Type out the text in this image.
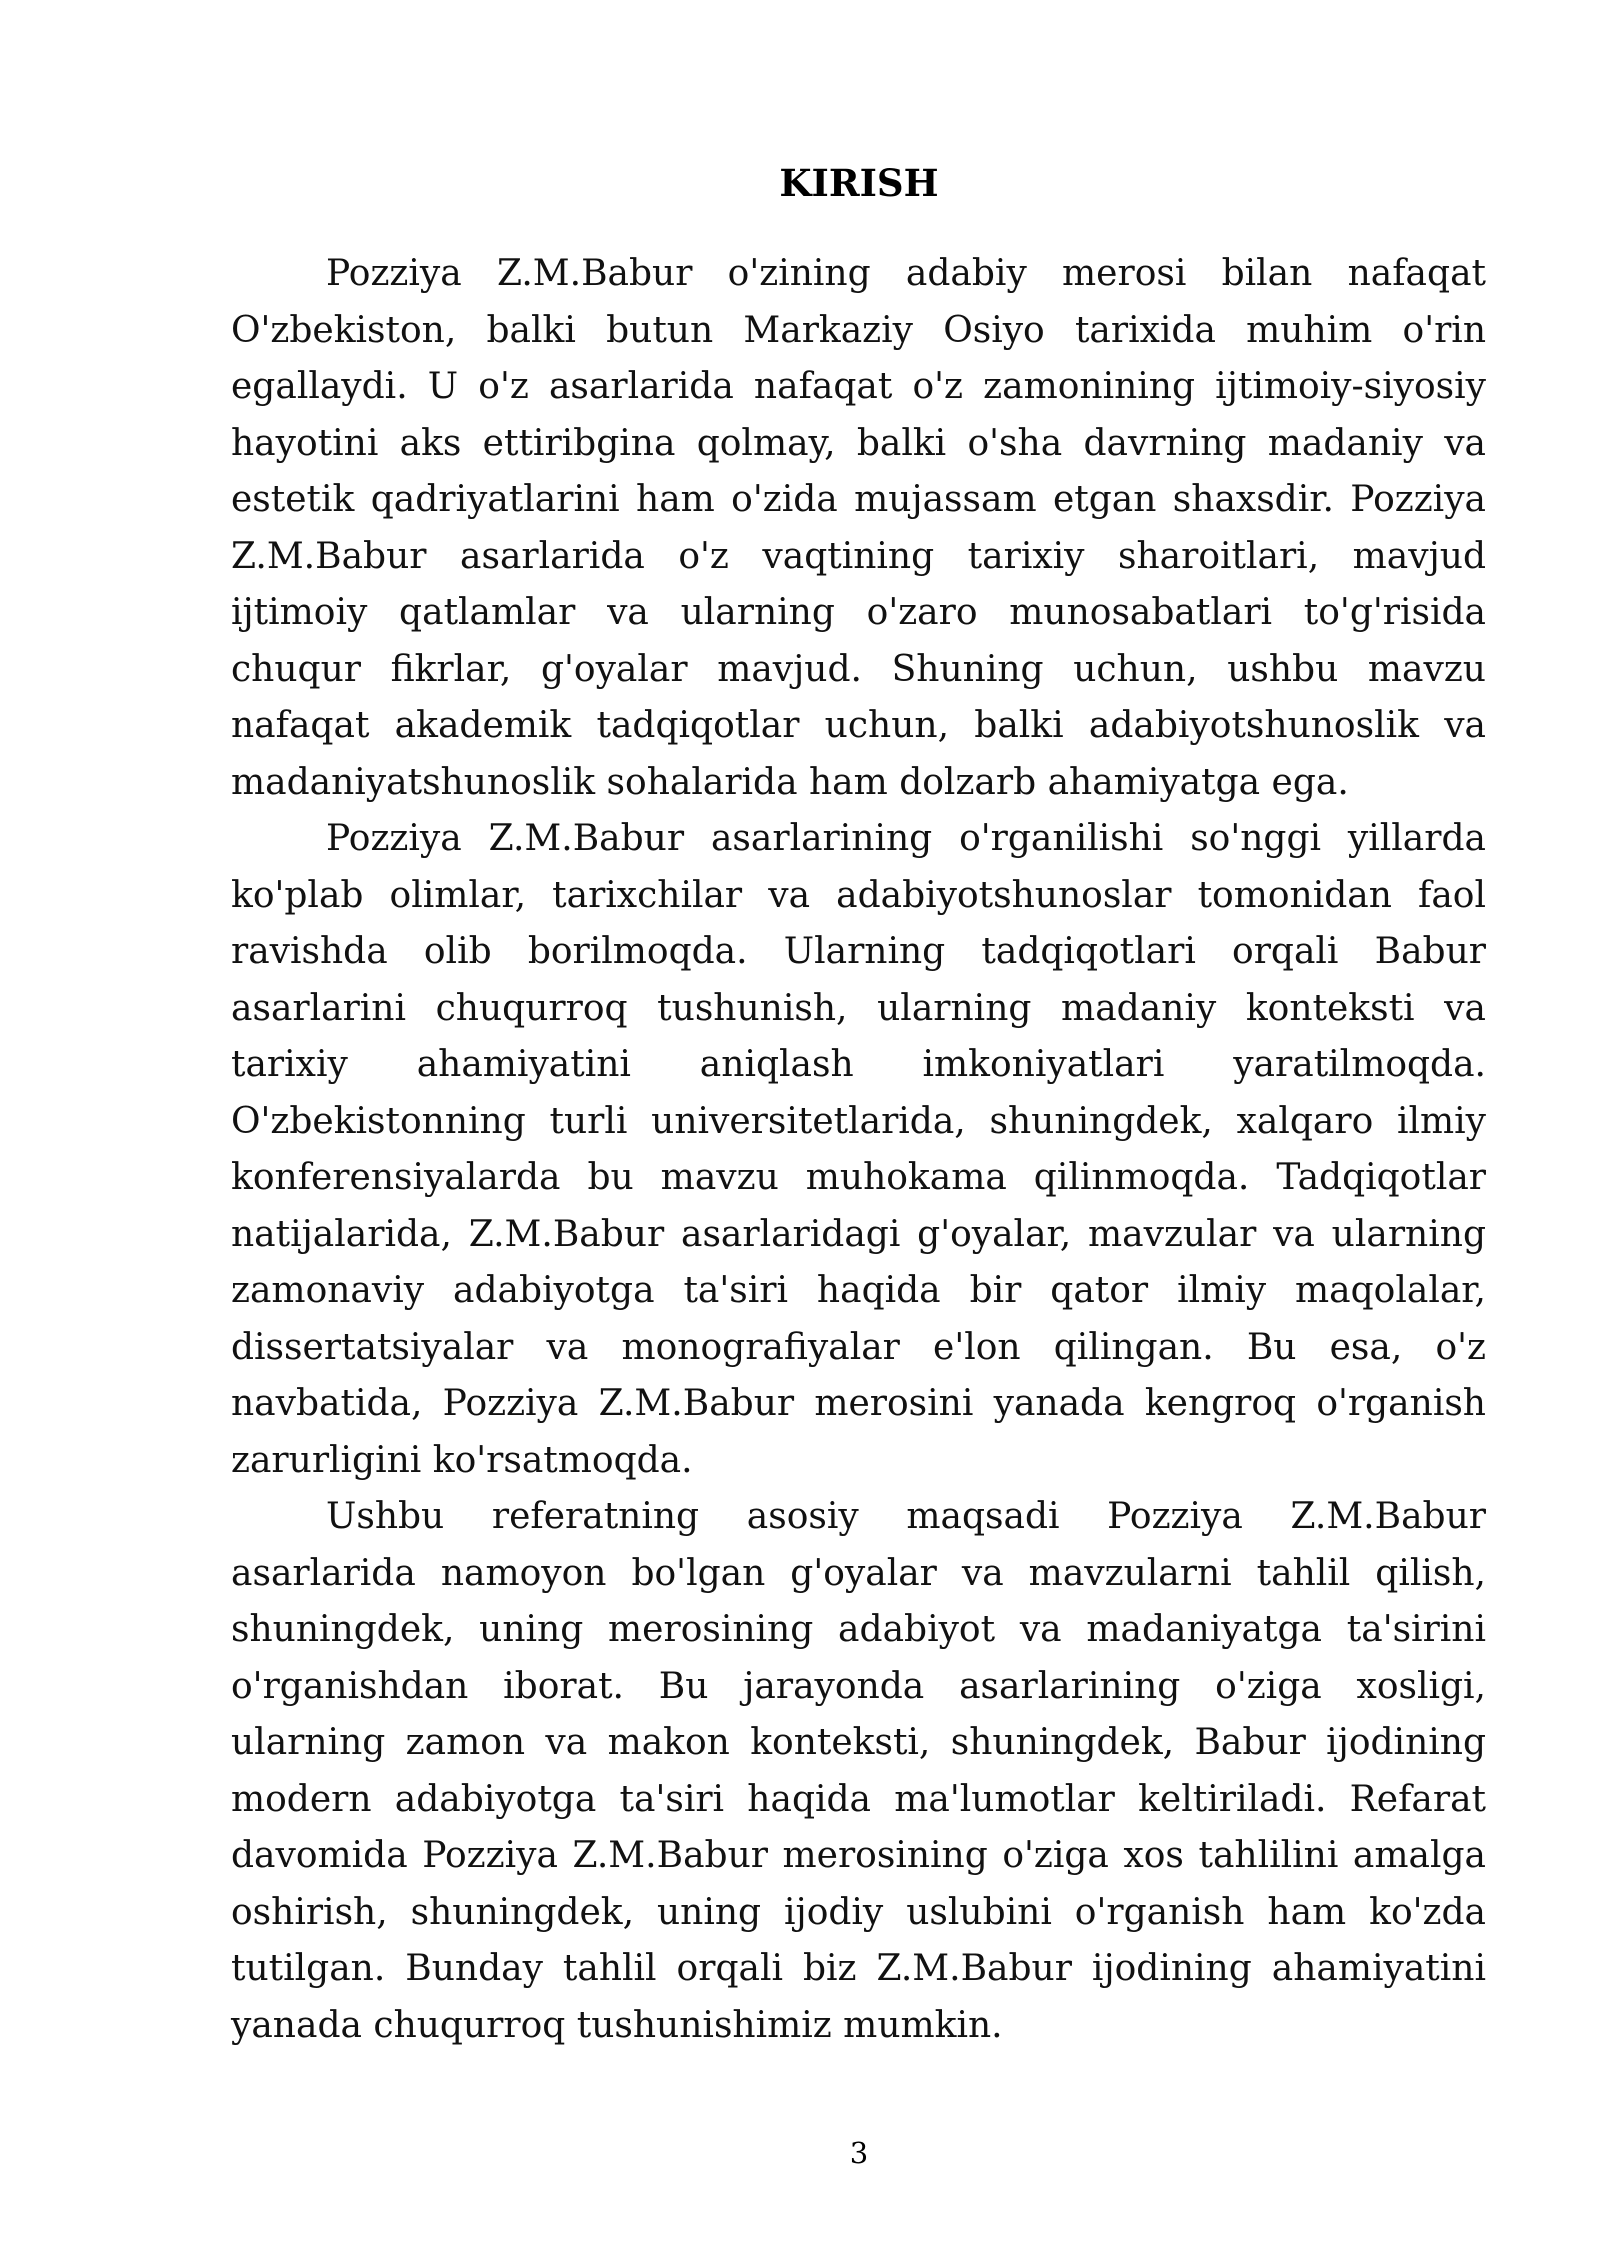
KIRISH

Pozziya Z.M.Babur o'zining adabiy merosi bilan nafaqat O'zbekiston, balki butun Markaziy Osiyo tarixida muhim o'rin egallaydi. U o'z asarlarida nafaqat o'z zamonining ijtimoiy-siyosiy hayotini aks ettiribgina qolmay, balki o'sha davrning madaniy va estetik qadriyatlarini ham o'zida mujassam etgan shaxsdir. Pozziya Z.M.Babur asarlarida o'z vaqtining tarixiy sharoitlari, mavjud ijtimoiy qatlamlar va ularning o'zaro munosabatlari to'g'risida chuqur fikrlar, g'oyalar mavjud. Shuning uchun, ushbu mavzu nafaqat akademik tadqiqotlar uchun, balki adabiyotshunoslik va madaniyatshunoslik sohalarida ham dolzarb ahamiyatga ega.

Pozziya Z.M.Babur asarlarining o'rganilishi so'nggi yillarda ko'plab olimlar, tarixchilar va adabiyotshunoslar tomonidan faol ravishda olib borilmoqda. Ularning tadqiqotlari orqali Babur asarlarini chuqurroq tushunish, ularning madaniy konteksti va tarixiy ahamiyatini aniqlash imkoniyatlari yaratilmoqda. O'zbekistonning turli universitetlarida, shuningdek, xalqaro ilmiy konferensiyalarda bu mavzu muhokama qilinmoqda. Tadqiqotlar natijalarida, Z.M.Babur asarlaridagi g'oyalar, mavzular va ularning zamonaviy adabiyotga ta'siri haqida bir qator ilmiy maqolalar, dissertatsiyalar va monografiyalar e'lon qilingan. Bu esa, o'z navbatida, Pozziya Z.M.Babur merosini yanada kengroq o'rganish zarurligini ko'rsatmoqda.

Ushbu referatning asosiy maqsadi Pozziya Z.M.Babur asarlarida namoyon bo'lgan g'oyalar va mavzularni tahlil qilish, shuningdek, uning merosining adabiyot va madaniyatga ta'sirini o'rganishdan iborat. Bu jarayonda asarlarining o'ziga xosligi, ularning zamon va makon konteksti, shuningdek, Babur ijodining modern adabiyotga ta'siri haqida ma'lumotlar keltiriladi. Refarat davomida Pozziya Z.M.Babur merosining o'ziga xos tahlilini amalga oshirish, shuningdek, uning ijodiy uslubini o'rganish ham ko'zda tutilgan. Bunday tahlil orqali biz Z.M.Babur ijodining ahamiyatini yanada chuqurroq tushunishimiz mumkin.

3
